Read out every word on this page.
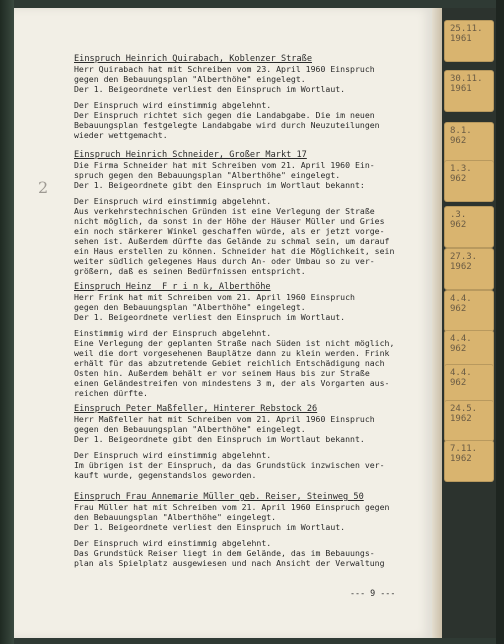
25.11.
1961
30.11.
1961
8.1.
962
1.3.
962
.3.
962
27.3.
1962
4.4.
962
4.4.
962
4.4.
962
24.5.
1962
7.11.
1962
2
Einspruch Heinrich Quirabach, Koblenzer Straße
Herr Quirabach hat mit Schreiben vom 23. April 1960 Einspruch
gegen den Bebauungsplan "Alberthöhe" eingelegt.
Der 1. Beigeordnete verliest den Einspruch im Wortlaut.
Der Einspruch wird einstimmig abgelehnt.
Der Einspruch richtet sich gegen die Landabgabe. Die im neuen
Bebauungsplan festgelegte Landabgabe wird durch Neuzuteilungen
wieder wettgemacht.
Einspruch Heinrich Schneider, Großer Markt 17
Die Firma Schneider hat mit Schreiben vom 21. April 1960 Ein-
spruch gegen den Bebauungsplan "Alberthöhe" eingelegt.
Der 1. Beigeordnete gibt den Einspruch im Wortlaut bekannt:
Der Einspruch wird einstimmig abgelehnt.
Aus verkehrstechnischen Gründen ist eine Verlegung der Straße
nicht möglich, da sonst in der Höhe der Häuser Müller und Gries
ein noch stärkerer Winkel geschaffen würde, als er jetzt vorge-
sehen ist. Außerdem dürfte das Gelände zu schmal sein, um darauf
ein Haus erstellen zu können. Schneider hat die Möglichkeit, sein
weiter südlich gelegenes Haus durch An- oder Umbau so zu ver-
größern, daß es seinen Bedürfnissen entspricht.
Einspruch Heinz  F r i n k, Alberthöhe
Herr Frink hat mit Schreiben vom 21. April 1960 Einspruch
gegen den Bebauungsplan "Alberthöhe" eingelegt.
Der 1. Beigeordnete verliest den Einspruch im Wortlaut.
Einstimmig wird der Einspruch abgelehnt.
Eine Verlegung der geplanten Straße nach Süden ist nicht möglich,
weil die dort vorgesehenen Bauplätze dann zu klein werden. Frink
erhält für das abzutretende Gebiet reichlich Entschädigung nach
Osten hin. Außerdem behält er vor seinem Haus bis zur Straße
einen Geländestreifen von mindestens 3 m, der als Vorgarten aus-
reichen dürfte.
Einspruch Peter Maßfeller, Hinterer Rebstock 26
Herr Maßfeller hat mit Schreiben vom 21. April 1960 Einspruch
gegen den Bebauungsplan "Alberthöhe" eingelegt.
Der 1. Beigeordnete gibt den Einspruch im Wortlaut bekannt.
Der Einspruch wird einstimmig abgelehnt.
Im übrigen ist der Einspruch, da das Grundstück inzwischen ver-
kauft wurde, gegenstandslos geworden.
Einspruch Frau Annemarie Müller geb. Reiser, Steinweg 50
Frau Müller hat mit Schreiben vom 21. April 1960 Einspruch gegen
den Bebauungsplan "Alberthöhe" eingelegt.
Der 1. Beigeordnete verliest den Einspruch im Wortlaut.
Der Einspruch wird einstimmig abgelehnt.
Das Grundstück Reiser liegt in dem Gelände, das im Bebauungs-
plan als Spielplatz ausgewiesen und nach Ansicht der Verwaltung
--- 9 ---
